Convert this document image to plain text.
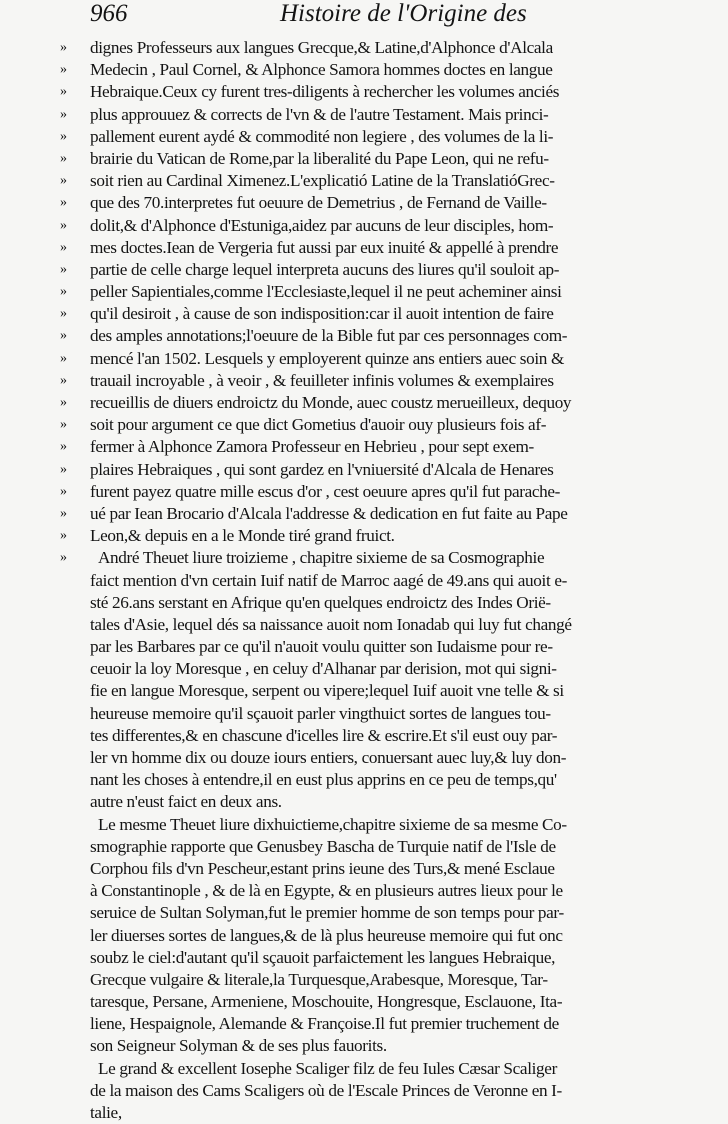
966	Histoire de l'Origine des
»	dignes Professeurs aux langues Grecque,& Latine,d'Alphonce d'Alcala
»	Medecin , Paul Cornel, & Alphonce Samora hommes doctes en langue
»	Hebraique.Ceux cy furent tres-diligents à rechercher les volumes anciés
»	plus approuuez & corrects de l'vn & de l'autre Testament. Mais princi-
»	pallement eurent aydé & commodité non legiere , des volumes de la li-
»	brairie du Vatican de Rome,par la liberalité du Pape Leon, qui ne refu-
»	soit rien au Cardinal Ximenez.L'explicatió Latine de la TranslatióGrec-
»	que des 70.interpretes fut oeuure de Demetrius , de Fernand de Vaille-
»	dolit,& d'Alphonce d'Estuniga,aidez par aucuns de leur disciples, hom-
»	mes doctes.Iean de Vergeria fut aussi par eux inuité & appellé à prendre
»	partie de celle charge lequel interpreta aucuns des liures qu'il souloit ap-
»	peller Sapientiales,comme l'Ecclesiaste,lequel il ne peut acheminer ainsi
»	qu'il desiroit , à cause de son indisposition:car il auoit intention de faire
»	des amples annotations;l'oeuure de la Bible fut par ces personnages com-
»	mencé l'an 1502. Lesquels y employerent quinze ans entiers auec soin &
»	trauail incroyable , à veoir , & feuilleter infinis volumes & exemplaires
»	recueillis de diuers endroictz du Monde, auec coustz merueilleux, dequoy
»	soit pour argument ce que dict Gometius d'auoir ouy plusieurs fois af-
»	fermer à Alphonce Zamora Professeur en Hebrieu , pour sept exem-
»	plaires Hebraiques , qui sont gardez en l'vniuersité d'Alcala de Henares
»	furent payez quatre mille escus d'or , cest oeuure apres qu'il fut parache-
»	ué par Iean Brocario d'Alcala l'addresse & dedication en fut faite au Pape
»	Leon,& depuis en a le Monde tiré grand fruict.
»	André Theuet liure troizieme , chapitre sixieme de sa Cosmographie
faict mention d'vn certain Iuif natif de Marroc aagé de 49.ans qui auoit e-
sté 26.ans serstant en Afrique qu'en quelques endroictz des Indes Oriё-
tales d'Asie, lequel dés sa naissance auoit nom Ionadab qui luy fut changé
par les Barbares par ce qu'il n'auoit voulu quitter son Iudaisme pour re-
ceuoir la loy Moresque , en celuy d'Alhanar par derision, mot qui signi-
fie en langue Moresque, serpent ou vipere;lequel Iuif auoit vne telle & si
heureuse memoire qu'il sçauoit parler vingthuict sortes de langues tou-
tes differentes,& en chascune d'icelles lire & escrire.Et s'il eust ouy par-
ler vn homme dix ou douze iours entiers, conuersant auec luy,& luy don-
nant les choses à entendre,il en eust plus apprins en ce peu de temps,qu'
autre n'eust faict en deux ans.
Le mesme Theuet liure dixhuictieme,chapitre sixieme de sa mesme Co-
smographie rapporte que Genusbey Bascha de Turquie natif de l'Isle de
Corphou fils d'vn Pescheur,estant prins ieune des Turs,& mené Esclaue
à Constantinople , & de là en Egypte, & en plusieurs autres lieux pour le
seruice de Sultan Solyman,fut le premier homme de son temps pour par-
ler diuerses sortes de langues,& de là plus heureuse memoire qui fut onc
soubz le ciel:d'autant qu'il sçauoit parfaictement les langues Hebraique,
Grecque vulgaire & literale,la Turquesque,Arabesque, Moresque, Tar-
taresque, Persane, Armeniene, Moschouite, Hongresque, Esclauone, Ita-
liene, Hespaignole, Alemande & Françoise.Il fut premier truchement de
son Seigneur Solyman & de ses plus fauorits.
Le grand & excellent Iosephe Scaliger filz de feu Iules Cæsar Scaliger
de la maison des Cams Scaligers où de l'Escale Princes de Veronne en I-
talie,
